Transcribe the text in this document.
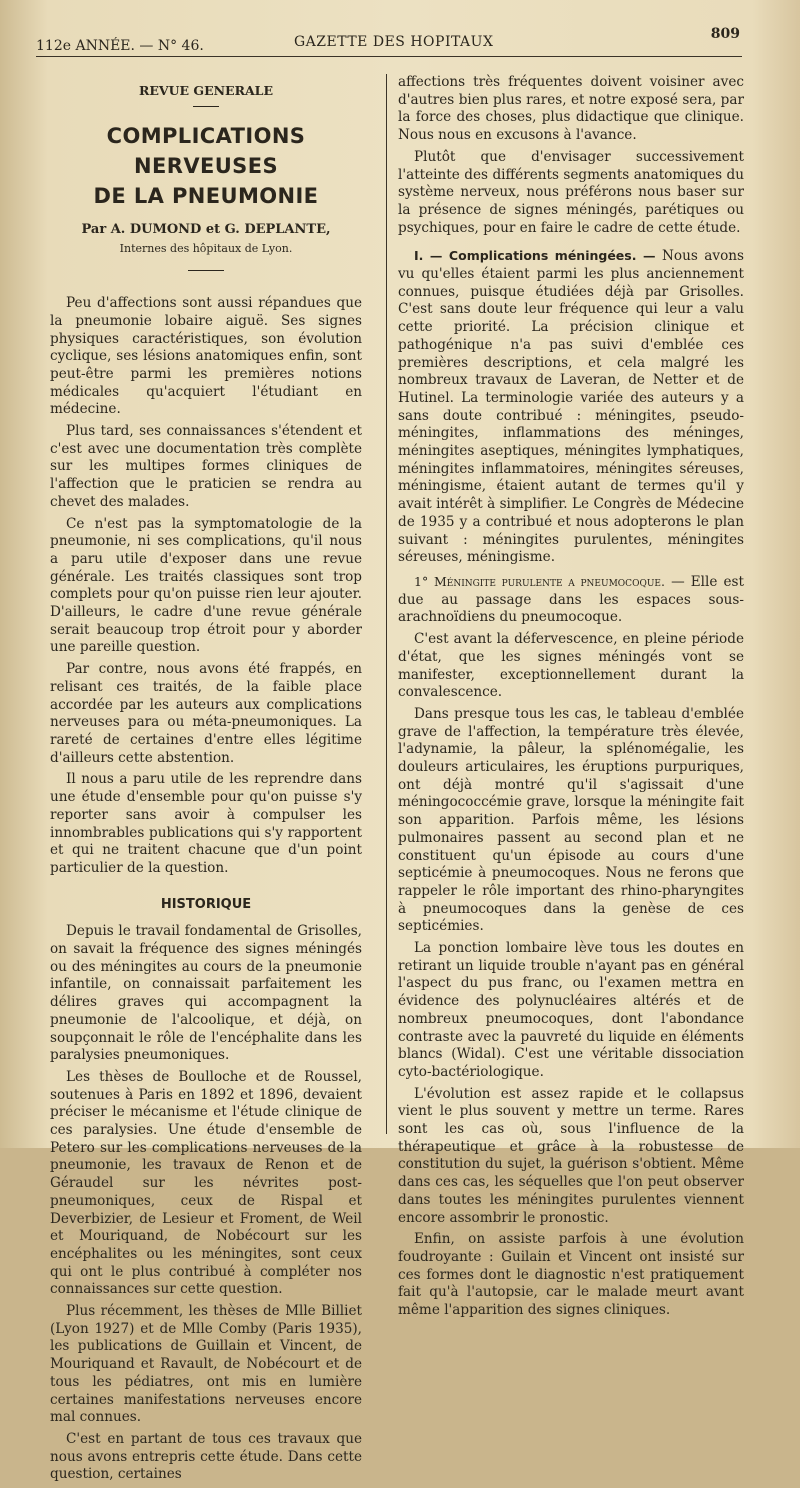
112e ANNÉE. — N° 46.	GAZETTE DES HOPITAUX	809
REVUE GENERALE
COMPLICATIONS NERVEUSES
DE LA PNEUMONIE
Par A. DUMOND et G. DEPLANTE,
Internes des hôpitaux de Lyon.

Peu d'affections sont aussi répandues que la pneumonie lobaire aiguë. Ses signes physiques caractéristiques, son évolution cyclique, ses lésions anatomiques enfin, sont peut-être parmi les premières notions médicales qu'acquiert l'étudiant en médecine.

Plus tard, ses connaissances s'étendent et c'est avec une documentation très complète sur les multipes formes cliniques de l'affection que le praticien se rendra au chevet des malades.

Ce n'est pas la symptomatologie de la pneumonie, ni ses complications, qu'il nous a paru utile d'exposer dans une revue générale. Les traités classiques sont trop complets pour qu'on puisse rien leur ajouter. D'ailleurs, le cadre d'une revue générale serait beaucoup trop étroit pour y aborder une pareille question.

Par contre, nous avons été frappés, en relisant ces traités, de la faible place accordée par les auteurs aux complications nerveuses para ou méta-pneumoniques. La rareté de certaines d'entre elles légitime d'ailleurs cette abstention.

Il nous a paru utile de les reprendre dans une étude d'ensemble pour qu'on puisse s'y reporter sans avoir à compulser les innombrables publications qui s'y rapportent et qui ne traitent chacune que d'un point particulier de la question.

HISTORIQUE

Depuis le travail fondamental de Grisolles, on savait la fréquence des signes méningés ou des méningites au cours de la pneumonie infantile, on connaissait parfaitement les délires graves qui accompagnent la pneumonie de l'alcoolique, et déjà, on soupçonnait le rôle de l'encéphalite dans les paralysies pneumoniques.

Les thèses de Boulloche et de Roussel, soutenues à Paris en 1892 et 1896, devaient préciser le mécanisme et l'étude clinique de ces paralysies. Une étude d'ensemble de Petero sur les complications nerveuses de la pneumonie, les travaux de Renon et de Géraudel sur les névrites post-pneumoniques, ceux de Rispal et Deverbizier, de Lesieur et Froment, de Weil et Mouriquand, de Nobécourt sur les encéphalites ou les méningites, sont ceux qui ont le plus contribué à compléter nos connaissances sur cette question.

Plus récemment, les thèses de Mlle Billiet (Lyon 1927) et de Mlle Comby (Paris 1935), les publications de Guillain et Vincent, de Mouriquand et Ravault, de Nobécourt et de tous les pédiatres, ont mis en lumière certaines manifestations nerveuses encore mal connues.

C'est en partant de tous ces travaux que nous avons entrepris cette étude. Dans cette question, certaines

affections très fréquentes doivent voisiner avec d'autres bien plus rares, et notre exposé sera, par la force des choses, plus didactique que clinique. Nous nous en excusons à l'avance.

Plutôt que d'envisager successivement l'atteinte des différents segments anatomiques du système nerveux, nous préférons nous baser sur la présence de signes méningés, parétiques ou psychiques, pour en faire le cadre de cette étude.

I. — Complications méningées. — Nous avons vu qu'elles étaient parmi les plus anciennement connues, puisque étudiées déjà par Grisolles. C'est sans doute leur fréquence qui leur a valu cette priorité. La précision clinique et pathogénique n'a pas suivi d'emblée ces premières descriptions, et cela malgré les nombreux travaux de Laveran, de Netter et de Hutinel. La terminologie variée des auteurs y a sans doute contribué : méningites, pseudo-méningites, inflammations des méninges, méningites aseptiques, méningites lymphatiques, méningites inflammatoires, méningites séreuses, méningisme, étaient autant de termes qu'il y avait intérêt à simplifier. Le Congrès de Médecine de 1935 y a contribué et nous adopterons le plan suivant : méningites purulentes, méningites séreuses, méningisme.

1° Méningite purulente a pneumocoque. — Elle est due au passage dans les espaces sous-arachnoïdiens du pneumocoque.

C'est avant la défervescence, en pleine période d'état, que les signes méningés vont se manifester, exceptionnellement durant la convalescence.

Dans presque tous les cas, le tableau d'emblée grave de l'affection, la température très élevée, l'adynamie, la pâleur, la splénomégalie, les douleurs articulaires, les éruptions purpuriques, ont déjà montré qu'il s'agissait d'une méningococcémie grave, lorsque la méningite fait son apparition. Parfois même, les lésions pulmonaires passent au second plan et ne constituent qu'un épisode au cours d'une septicémie à pneumocoques. Nous ne ferons que rappeler le rôle important des rhino-pharyngites à pneumocoques dans la genèse de ces septicémies.

La ponction lombaire lève tous les doutes en retirant un liquide trouble n'ayant pas en général l'aspect du pus franc, ou l'examen mettra en évidence des polynucléaires altérés et de nombreux pneumocoques, dont l'abondance contraste avec la pauvreté du liquide en éléments blancs (Widal). C'est une véritable dissociation cyto-bactériologique.

L'évolution est assez rapide et le collapsus vient le plus souvent y mettre un terme. Rares sont les cas où, sous l'influence de la thérapeutique et grâce à la robustesse de constitution du sujet, la guérison s'obtient. Même dans ces cas, les séquelles que l'on peut observer dans toutes les méningites purulentes viennent encore assombrir le pronostic.

Enfin, on assiste parfois à une évolution foudroyante : Guilain et Vincent ont insisté sur ces formes dont le diagnostic n'est pratiquement fait qu'à l'autopsie, car le malade meurt avant même l'apparition des signes cliniques.
